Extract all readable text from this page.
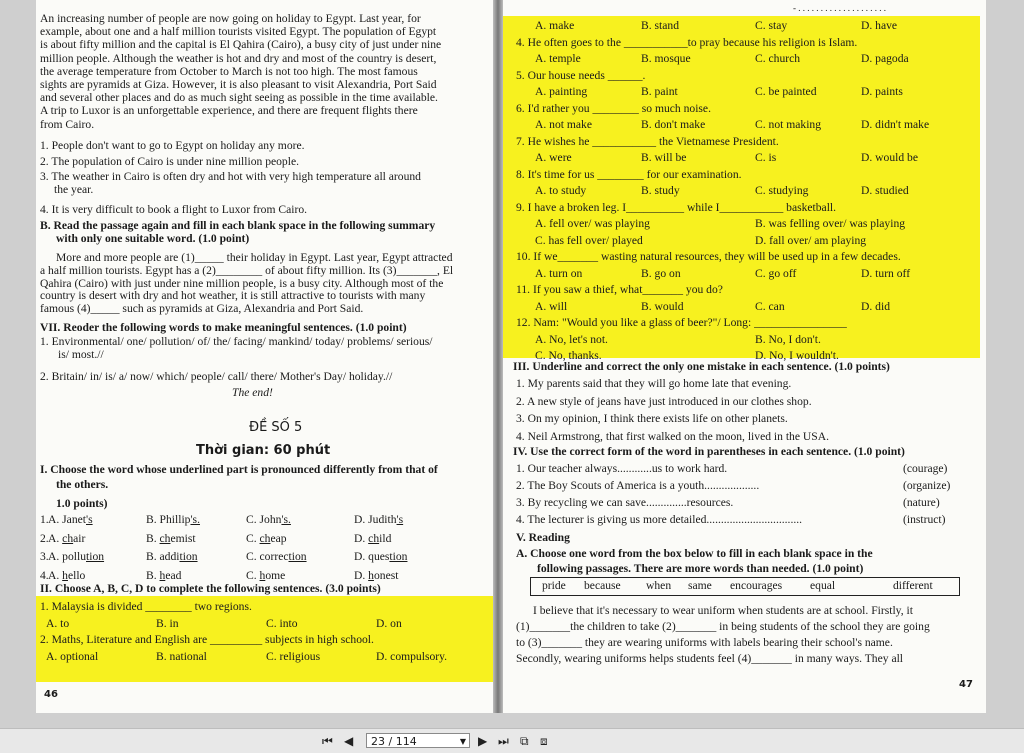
An increasing number of people are now going on holiday to Egypt. Last year, for
example, about one and a half million tourists visited Egypt. The population of Egypt
is about fifty million and the capital is El Qahira (Cairo), a busy city of just under nine
million people. Although the weather is hot and dry and most of the country is desert,
the average temperature from October to March is not too high. The most famous
sights are pyramids at Giza. However, it is also pleasant to visit Alexandria, Port Said
and several other places and do as much sight seeing as possible in the time available.
A trip to Luxor is an unforgettable experience, and there are frequent flights there
from Cairo.
1. People don't want to go to Egypt on holiday any more.
2. The population of Cairo is under nine million people.
3. The weather in Cairo is often dry and hot with very high temperature all around
the year.
4. It is very difficult to book a flight to Luxor from Cairo.
B. Read the passage again and fill in each blank space in the following summary
with only one suitable word. (1.0 point)
More and more people are (1)_____ their holiday in Egypt. Last year, Egypt attracted
a half million tourists. Egypt has a (2)________ of about fifty million. Its (3)_______, El
Qahira (Cairo) with just under nine million people, is a busy city. Although most of the
country is desert with dry and hot weather, it is still attractive to tourists with many
famous (4)_____ such as pyramids at Giza, Alexandria and Port Said.
VII. Reoder the following words to make meaningful sentences. (1.0 point)
1. Environmental/ one/ pollution/ of/ the/ facing/ mankind/ today/ problems/ serious/
is/ most.//
2. Britain/ in/ is/ a/ now/ which/ people/ call/ there/ Mother's Day/ holiday.//
The end!
ĐỀ SỐ 5
Thời gian: 60 phút
I. Choose the word whose underlined part is pronounced differently from that of
the others.
1.0 points)
1. A. Janet's	B. Phillip's.	C. John's.	D. Judith's
2. A. chair	B. chemist	C. cheap	D. child
3. A. pollution	B. addition	C. correction	D. question
4. A. hello	B. head	C. home	D. honest
II. Choose A, B, C, D to complete the following sentences. (3.0 points)
1. Malaysia is divided ________ two regions.
A. to	B. in	C. into	D. on
2. Maths, Literature and English are _________ subjects in high school.
A. optional	B. national	C. religious	D. compulsory.
46
- . . . . . . . . . . . . . . . . . . . .
A. make	B. stand	C. stay	D. have
4. He often goes to the ___________to pray because his religion is Islam.
A. temple	B. mosque	C. church	D. pagoda
5. Our house needs ______.
A. painting	B. paint	C. be painted	D. paints
6. I'd rather you ________ so much noise.
A. not make	B. don't make	C. not making	D. didn't make
7. He wishes he ___________ the Vietnamese President.
A. were	B. will be	C. is	D. would be
8. It's time for us ________ for our examination.
A. to study	B. study	C. studying	D. studied
9. I have a broken leg. I__________ while I___________ basketball.
A. fell over/ was playing	B. was felling over/ was playing
C. has fell over/ played	D. fall over/ am playing
10. If we_______ wasting natural resources, they will be used up in a few decades.
A. turn on	B. go on	C. go off	D. turn off
11. If you saw a thief, what_______ you do?
A. will	B. would	C. can	D. did
12. Nam: "Would you like a glass of beer?"/ Long: ________________
A. No, let's not.	B. No, I don't.
C. No, thanks.	D. No, I wouldn't.
III. Underline and correct the only one mistake in each sentence. (1.0 points)
1. My parents said that they will go home late that evening.
2. A new style of jeans have just introduced in our clothes shop.
3. On my opinion, I think there exists life on other planets.
4. Neil Armstrong, that first walked on the moon, lived in the USA.
IV. Use the correct form of the word in parentheses in each sentence. (1.0 point)
1. Our teacher always............us to work hard.	(courage)
2. The Boy Scouts of America is a youth...................	(organize)
3. By recycling we can save..............resources.	(nature)
4. The lecturer is giving us more detailed.................................	(instruct)
V. Reading
A. Choose one word from the box below to fill in each blank space in the
following passages. There are more words than needed. (1.0 point)
pride because when same encourages equal	different
I believe that it's necessary to wear uniform when students are at school. Firstly, it
(1)_______the children to take (2)_______ in being students of the school they are going
to (3)_______ they are wearing uniforms with labels bearing their school's name.
Secondly, wearing uniforms helps students feel (4)_______ in many ways. They all
47
⏮ ◀	23 / 114	▼ ▶ ⏭ ⧉ ⧈
